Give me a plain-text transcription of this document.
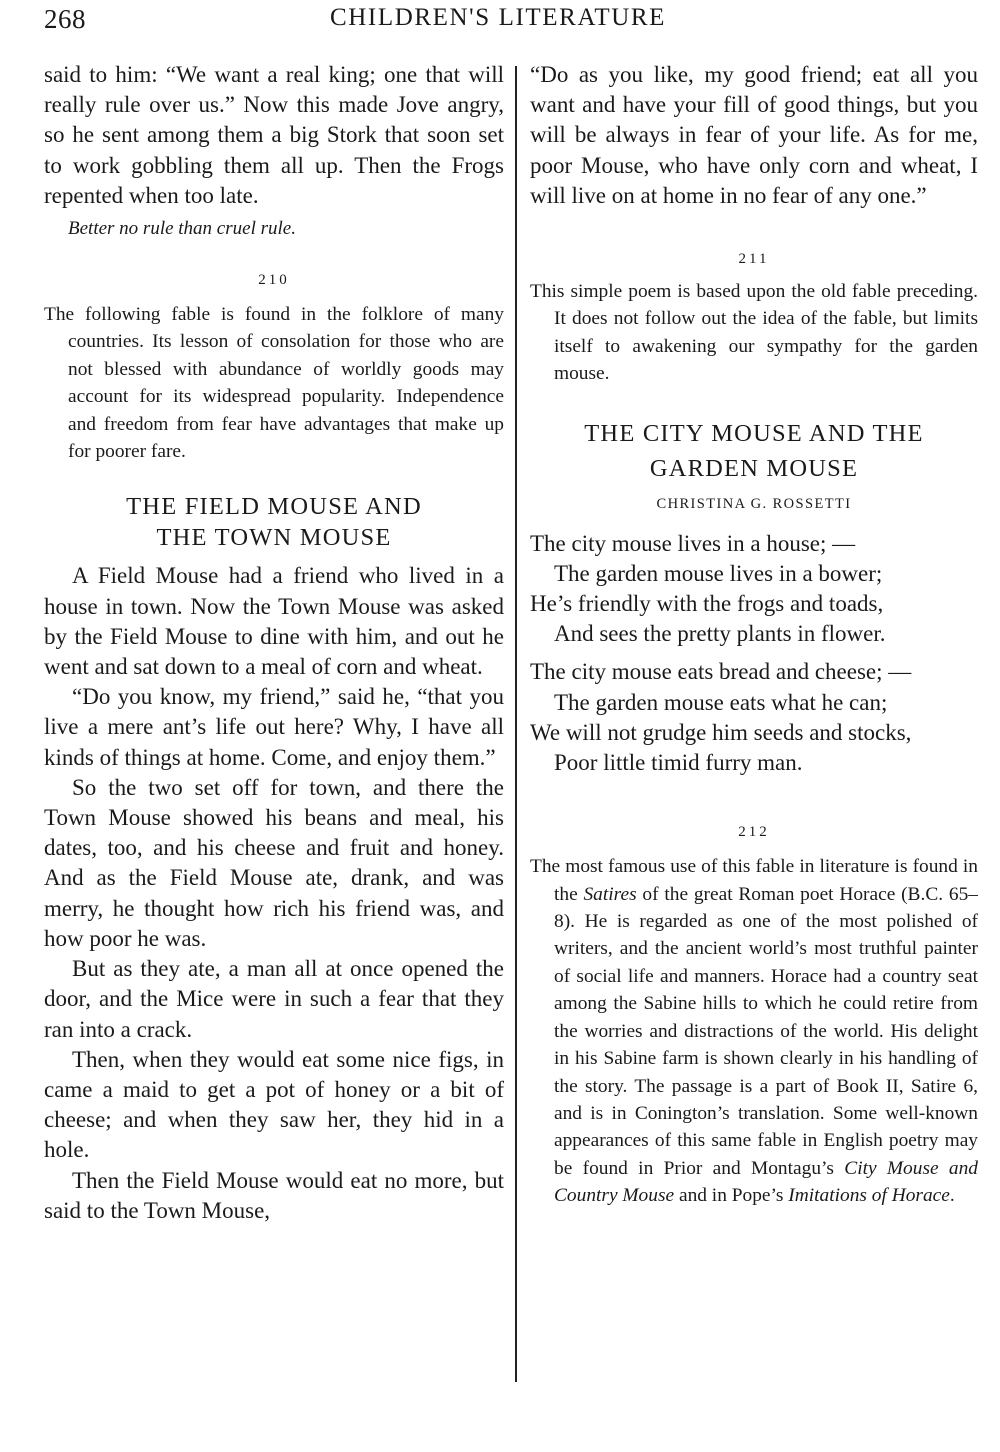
268	CHILDREN'S LITERATURE

said to him: “We want a real king; one that will really rule over us.” Now this made Jove angry, so he sent among them a big Stork that soon set to work gobbling them all up. Then the Frogs repented when too late.

Better no rule than cruel rule.

210

The following fable is found in the folklore of many countries. Its lesson of consolation for those who are not blessed with abundance of worldly goods may account for its widespread popularity. Independence and freedom from fear have advantages that make up for poorer fare.

THE FIELD MOUSE AND

THE TOWN MOUSE

A Field Mouse had a friend who lived in a house in town. Now the Town Mouse was asked by the Field Mouse to dine with him, and out he went and sat down to a meal of corn and wheat.

“Do you know, my friend,” said he, “that you live a mere ant’s life out here? Why, I have all kinds of things at home. Come, and enjoy them.”

So the two set off for town, and there the Town Mouse showed his beans and meal, his dates, too, and his cheese and fruit and honey. And as the Field Mouse ate, drank, and was merry, he thought how rich his friend was, and how poor he was.

But as they ate, a man all at once opened the door, and the Mice were in such a fear that they ran into a crack.

Then, when they would eat some nice figs, in came a maid to get a pot of honey or a bit of cheese; and when they saw her, they hid in a hole.

Then the Field Mouse would eat no more, but said to the Town Mouse,

“Do as you like, my good friend; eat all you want and have your fill of good things, but you will be always in fear of your life. As for me, poor Mouse, who have only corn and wheat, I will live on at home in no fear of any one.”

211

This simple poem is based upon the old fable preceding. It does not follow out the idea of the fable, but limits itself to awakening our sympathy for the garden mouse.

THE CITY MOUSE AND THE

GARDEN MOUSE

CHRISTINA G. ROSSETTI

The city mouse lives in a house; —
The garden mouse lives in a bower;
He’s friendly with the frogs and toads,
And sees the pretty plants in flower.
The city mouse eats bread and cheese; —
The garden mouse eats what he can;
We will not grudge him seeds and stocks,
Poor little timid furry man.
212

The most famous use of this fable in literature is found in the Satires of the great Roman poet Horace (B.C. 65–8). He is regarded as one of the most polished of writers, and the ancient world’s most truthful painter of social life and manners. Horace had a country seat among the Sabine hills to which he could retire from the worries and distractions of the world. His delight in his Sabine farm is shown clearly in his handling of the story. The passage is a part of Book II, Satire 6, and is in Conington’s translation. Some well-known appearances of this same fable in English poetry may be found in Prior and Montagu’s City Mouse and Country Mouse and in Pope’s Imitations of Horace.
